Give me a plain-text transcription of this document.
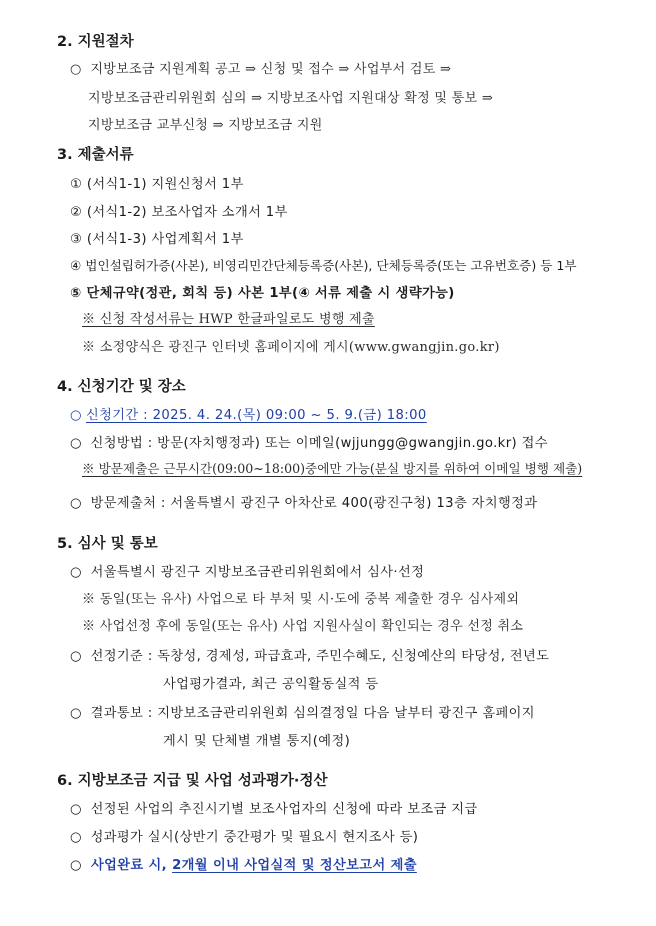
2. 지원절차
○ 지방보조금 지원계획 공고 ⇒ 신청 및 접수 ⇒ 사업부서 검토 ⇒
지방보조금관리위원회 심의 ⇒ 지방보조사업 지원대상 확정 및 통보 ⇒
지방보조금 교부신청 ⇒ 지방보조금 지원
3. 제출서류
① (서식1-1) 지원신청서 1부
② (서식1-2) 보조사업자 소개서 1부
③ (서식1-3) 사업계획서 1부
④ 법인설립허가증(사본), 비영리민간단체등록증(사본), 단체등록증(또는 고유번호증) 등 1부
⑤ 단체규약(정관, 회칙 등) 사본 1부(④ 서류 제출 시 생략가능)
※ 신청 작성서류는 HWP 한글파일로도 병행 제출
※ 소정양식은 광진구 인터넷 홈페이지에 게시(www.gwangjin.go.kr)
4. 신청기간 및 장소
○ 신청기간 : 2025. 4. 24.(목) 09:00 ~ 5. 9.(금) 18:00
○ 신청방법 : 방문(자치행정과) 또는 이메일(wjjungg@gwangjin.go.kr) 접수
※ 방문제출은 근무시간(09:00~18:00)중에만 가능(분실 방지를 위하여 이메일 병행 제출)
○ 방문제출처 : 서울특별시 광진구 아차산로 400(광진구청) 13층 자치행정과
5. 심사 및 통보
○ 서울특별시 광진구 지방보조금관리위원회에서 심사·선정
※ 동일(또는 유사) 사업으로 타 부처 및 시·도에 중복 제출한 경우 심사제외
※ 사업선정 후에 동일(또는 유사) 사업 지원사실이 확인되는 경우 선정 취소
○ 선정기준 : 독창성, 경제성, 파급효과, 주민수혜도, 신청예산의 타당성, 전년도
사업평가결과, 최근 공익활동실적 등
○ 결과통보 : 지방보조금관리위원회 심의결정일 다음 날부터 광진구 홈페이지
게시 및 단체별 개별 통지(예정)
6. 지방보조금 지급 및 사업 성과평가·정산
○ 선정된 사업의 추진시기별 보조사업자의 신청에 따라 보조금 지급
○ 성과평가 실시(상반기 중간평가 및 필요시 현지조사 등)
○ 사업완료 시, 2개월 이내 사업실적 및 정산보고서 제출
